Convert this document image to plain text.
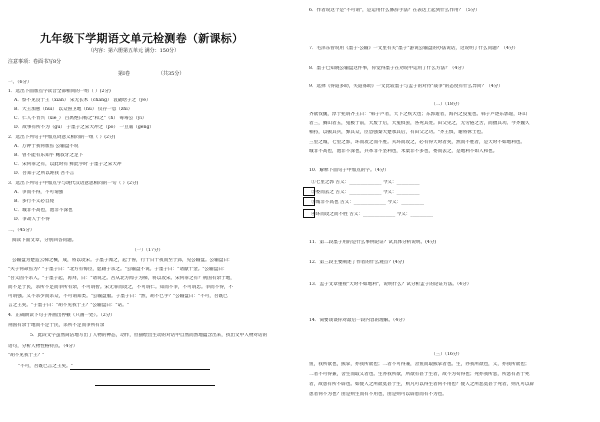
九年级下学期语文单元检测卷（新课标）
（内容：第六册第五单元 满分：150分）
注意事项：卷面书写8分
第Ⅰ卷	（共35分）
一、（6分）
1．选出下面加点字读音全部相同的一组（ ）(2分)
A．察不见良于王（xiàn） 宋无长木（chǎng） 袁崴晗子之（yè）
B．大王加惠（hui） 以众鲁卫地（hu） 仅存一息（zhi）
C．仁人不肯兴（xiè_） 百禹绝日杨之"和之"（h） 毒毒公（yǐ）
D．故事有所不为（gǔ） 子墨子之宋大冲之（pò） 一豆羹（gēng）
2．选出下列句子中加点词意义相同的一组（ ）(2分)
A．万钟于我何加焉 公输盘不说
B．曾不能有乐知乎 鲍叔牙之足下
C．宋何罪之有，以此时有 鲜此乎时 子墨子之宋大冲
D．吾知子之所以距我 吾不言
3．选出下列句子中加点字与现代汉语意思相同的一句（ ）(2分)
A．争而不得，不可谓强
B．多行不义必自毙
C．城非不高也，池非不深也
D．争劫人于不得
二、（45分）
阅读下面文章，分别回答问题。
（一）（17分）
公输盘为楚造云梯之械，成，将以攻宋。子墨子闻之，起于鲁，行十日十夜而至于郢，见公输盘。公输盘曰：
"夫子何命焉为？"子墨子曰："北方有侮臣，愿藉子杀之。"公输盘不说。子墨子曰："请献十金。"公输盘曰：
"吾义固不杀人。"子墨子起，再拜，曰："请说之。吾从北方闻子为梯，将以攻宋。宋何罪之有？荆国有余于地，
而不足于民，杀所不足而争所有余，不可谓智。宋无罪而攻之，不可谓仁。知而不争，不可谓忠。争而不得，不
可谓强。义不杀少而杀众，不可谓知类。"公输盘服。子墨子曰："然，胡不已乎？"公输盘曰："不可，吾既已
言之王矣。"子墨子曰："胡不见我于王？"公输盘曰："诺。"
4．正确朗读下句子并画出停顿（只画一处）。（2分）
荆国有余于地而不足于民，杀所不足而争所有余
5．此段文字虽然简洁地写出了人物的神态，动作，但描绘出生动的对话中自然而然地蕴含出来，找出文中人物对话的
语句，分析人物性格特点。（4分）
"胡不见我于王？"
"不可，吾既已言之王矣。"
6．作者说这个是"不可谓"，是运用什么修辞手法？在表达上起到什么作用？（5分）
7．毛泽东曾说用《墨子·公输》一文里有关"墨子"游说公输盘的办法说话，这说明了什么问题？（4分）
8．墨子已知晓公输盘这件事，你觉得墨子在劝说中运用了什么方法？（4分）
9．选择《得道多助，失道寡助》一文比较墨子与孟子的对待"战争"的态度有什么异同？（4分）
（二）（18分）
齐欲伐魏，淳于髡谓齐王曰："韩子卢者，天下之疾犬也；东郭逡者，海内之狡兔也。韩子卢逐东郭逡，环山
者三，腾山者五，兔极于前，犬废于后，犬兔俱罢，各死其处。田父见之，无劳倦之苦，而擅其功。今齐魏久
相持，以顿其兵，弊其众，臣恐强秦大楚承其后，有田父之功。"齐王惧，谢将休士也。
三里之城，七里之郭，环而攻之而不胜。夫环而攻之，必有得天时者矣，然而不胜者，是天时不如地利也。
城非不高也，池非不深也，兵革非不坚利也，米粟非不多也，委而去之，是地利不如人和也。
10．解释下面句子中加点的字。（4分）
①七里之郭 古义：______________ 今义：__________
②委而去之 古义：______________ 今义：__________
③城非不高也 古义：______________ 今义：__________
④环而攻之而不胜 古义：______________ 今义：__________
11．第二段墨子用的是什么事例论证？试具体分析说明。(4分)
12．第三段主要阐述了作者的什么观点？(4分)
13．孟子文章重视"天时不如地利"，说明什么？试分析孟子的论证方法。（4分）
14．简要谈谈你对最后一段内容的理解。（4分）
（三）（16分）
鱼，我所欲也，熊掌，亦我所欲也；二者不可得兼，舍鱼而取熊掌者也。生，亦我所欲也，义，亦我所欲也；
二者不可得兼，舍生而取义者也。生亦我所欲，所欲有甚于生者，故不为苟得也；死亦我所恶，所恶有甚于死
者，故患有所不辟也。如使人之所欲莫甚于生，则凡可以得生者何不用也？使人之所恶莫甚于死者，则凡可以辟
患者何不为也？由是则生而有不用也，由是则可以辟患而有不为也。
